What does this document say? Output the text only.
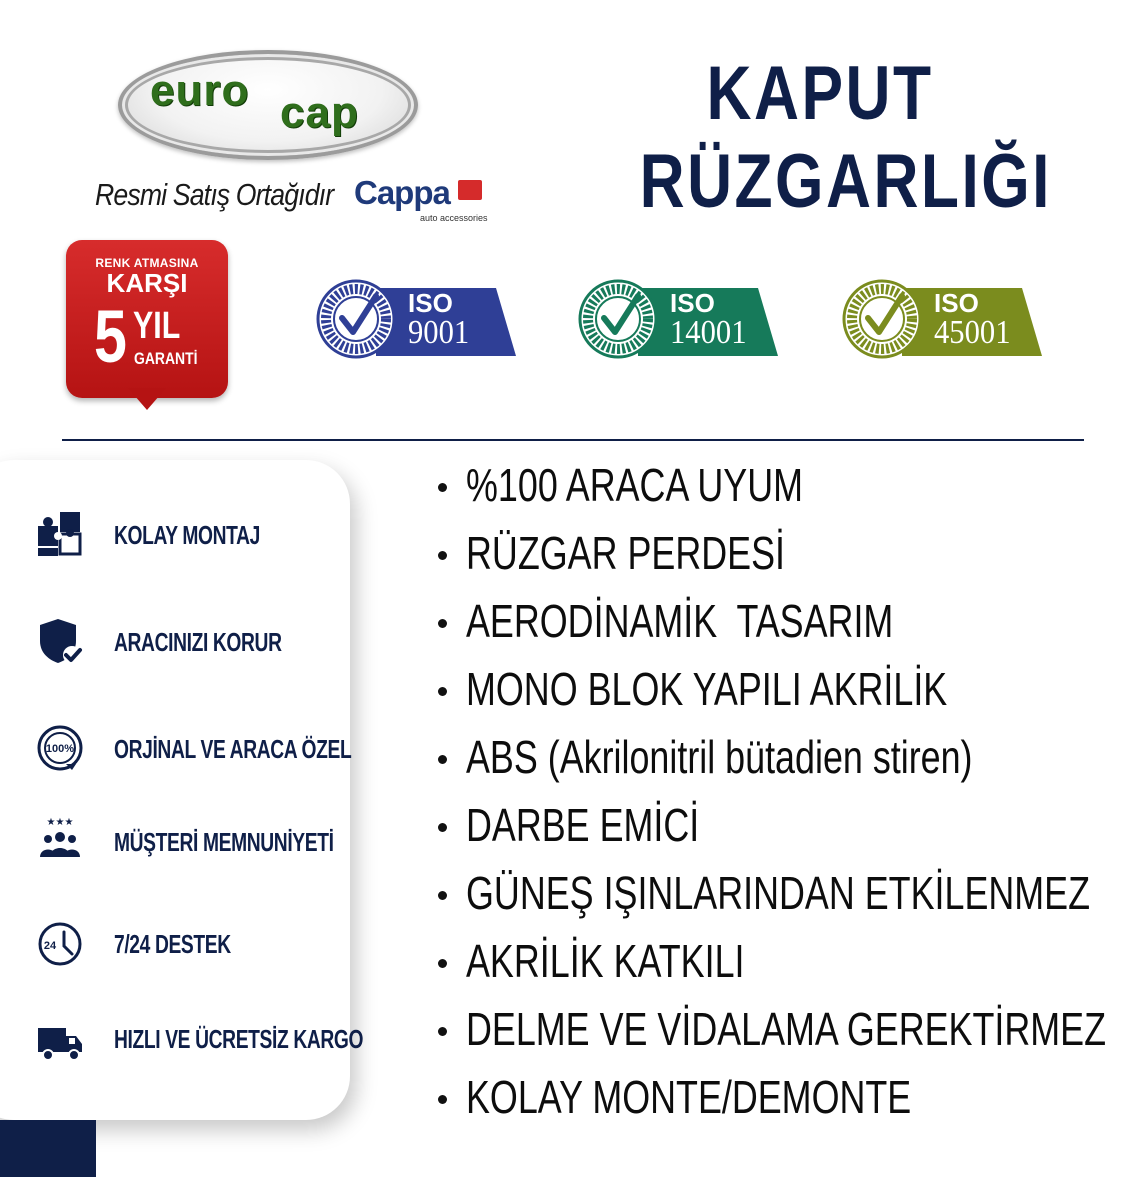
euro cap
Resmi Satış Ortağıdır Cappa
auto accessories
KAPUT
RÜZGARLIĞI
RENK ATMASINA
KARŞI
5 YIL
GARANTİ
ISO
9001
ISO
14001
ISO
45001
KOLAY MONTAJ
ARACINIZI KORUR
100% ORJİNAL VE ARACA ÖZEL
★★★
MÜŞTERİ MEMNUNİYETİ
24 7/24 DESTEK
HIZLI VE ÜCRETSİZ KARGO
%100 ARACA UYUM
RÜZGAR PERDESİ
AERODİNAMİK  TASARIM
MONO BLOK YAPILI AKRİLİK
ABS (Akrilonitril bütadien stiren)
DARBE EMİCİ
GÜNEŞ IŞINLARINDAN ETKİLENMEZ
AKRİLİK KATKILI
DELME VE VİDALAMA GEREKTİRMEZ
KOLAY MONTE/DEMONTE
